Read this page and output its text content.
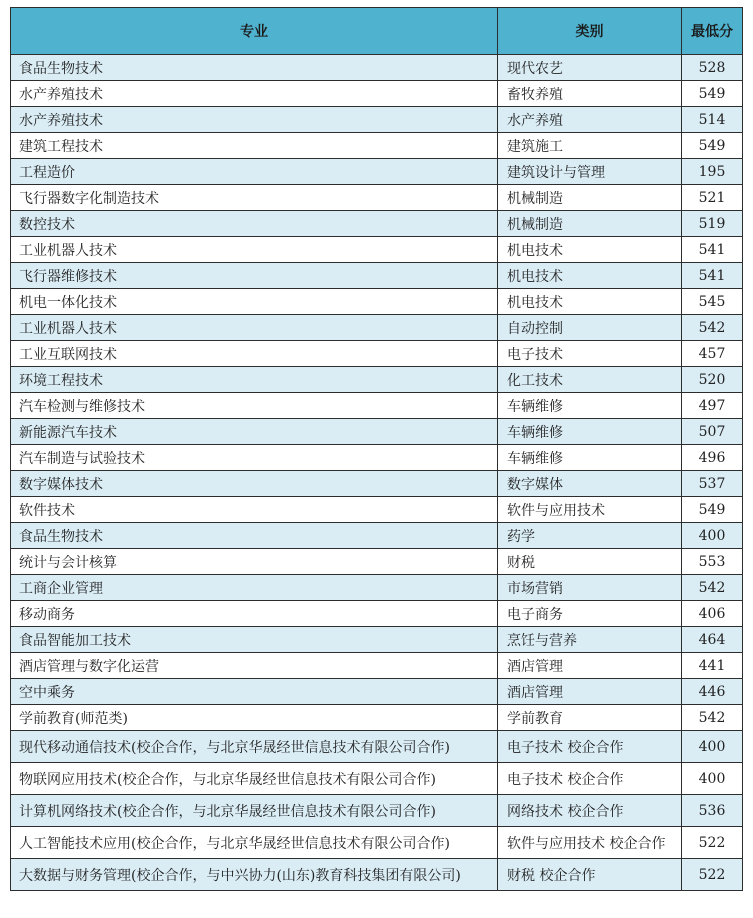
专业	类别	最低分
食品生物技术	现代农艺	528
水产养殖技术	畜牧养殖	549
水产养殖技术	水产养殖	514
建筑工程技术	建筑施工	549
工程造价	建筑设计与管理	195
飞行器数字化制造技术	机械制造	521
数控技术	机械制造	519
工业机器人技术	机电技术	541
飞行器维修技术	机电技术	541
机电一体化技术	机电技术	545
工业机器人技术	自动控制	542
工业互联网技术	电子技术	457
环境工程技术	化工技术	520
汽车检测与维修技术	车辆维修	497
新能源汽车技术	车辆维修	507
汽车制造与试验技术	车辆维修	496
数字媒体技术	数字媒体	537
软件技术	软件与应用技术	549
食品生物技术	药学	400
统计与会计核算	财税	553
工商企业管理	市场营销	542
移动商务	电子商务	406
食品智能加工技术	烹饪与营养	464
酒店管理与数字化运营	酒店管理	441
空中乘务	酒店管理	446
学前教育(师范类)	学前教育	542
现代移动通信技术(校企合作，与北京华晟经世信息技术有限公司合作)	电子技术 校企合作	400
物联网应用技术(校企合作，与北京华晟经世信息技术有限公司合作)	电子技术 校企合作	400
计算机网络技术(校企合作，与北京华晟经世信息技术有限公司合作)	网络技术 校企合作	536
人工智能技术应用(校企合作，与北京华晟经世信息技术有限公司合作)	软件与应用技术 校企合作	522
大数据与财务管理(校企合作，与中兴协力(山东)教育科技集团有限公司)	财税 校企合作	522
